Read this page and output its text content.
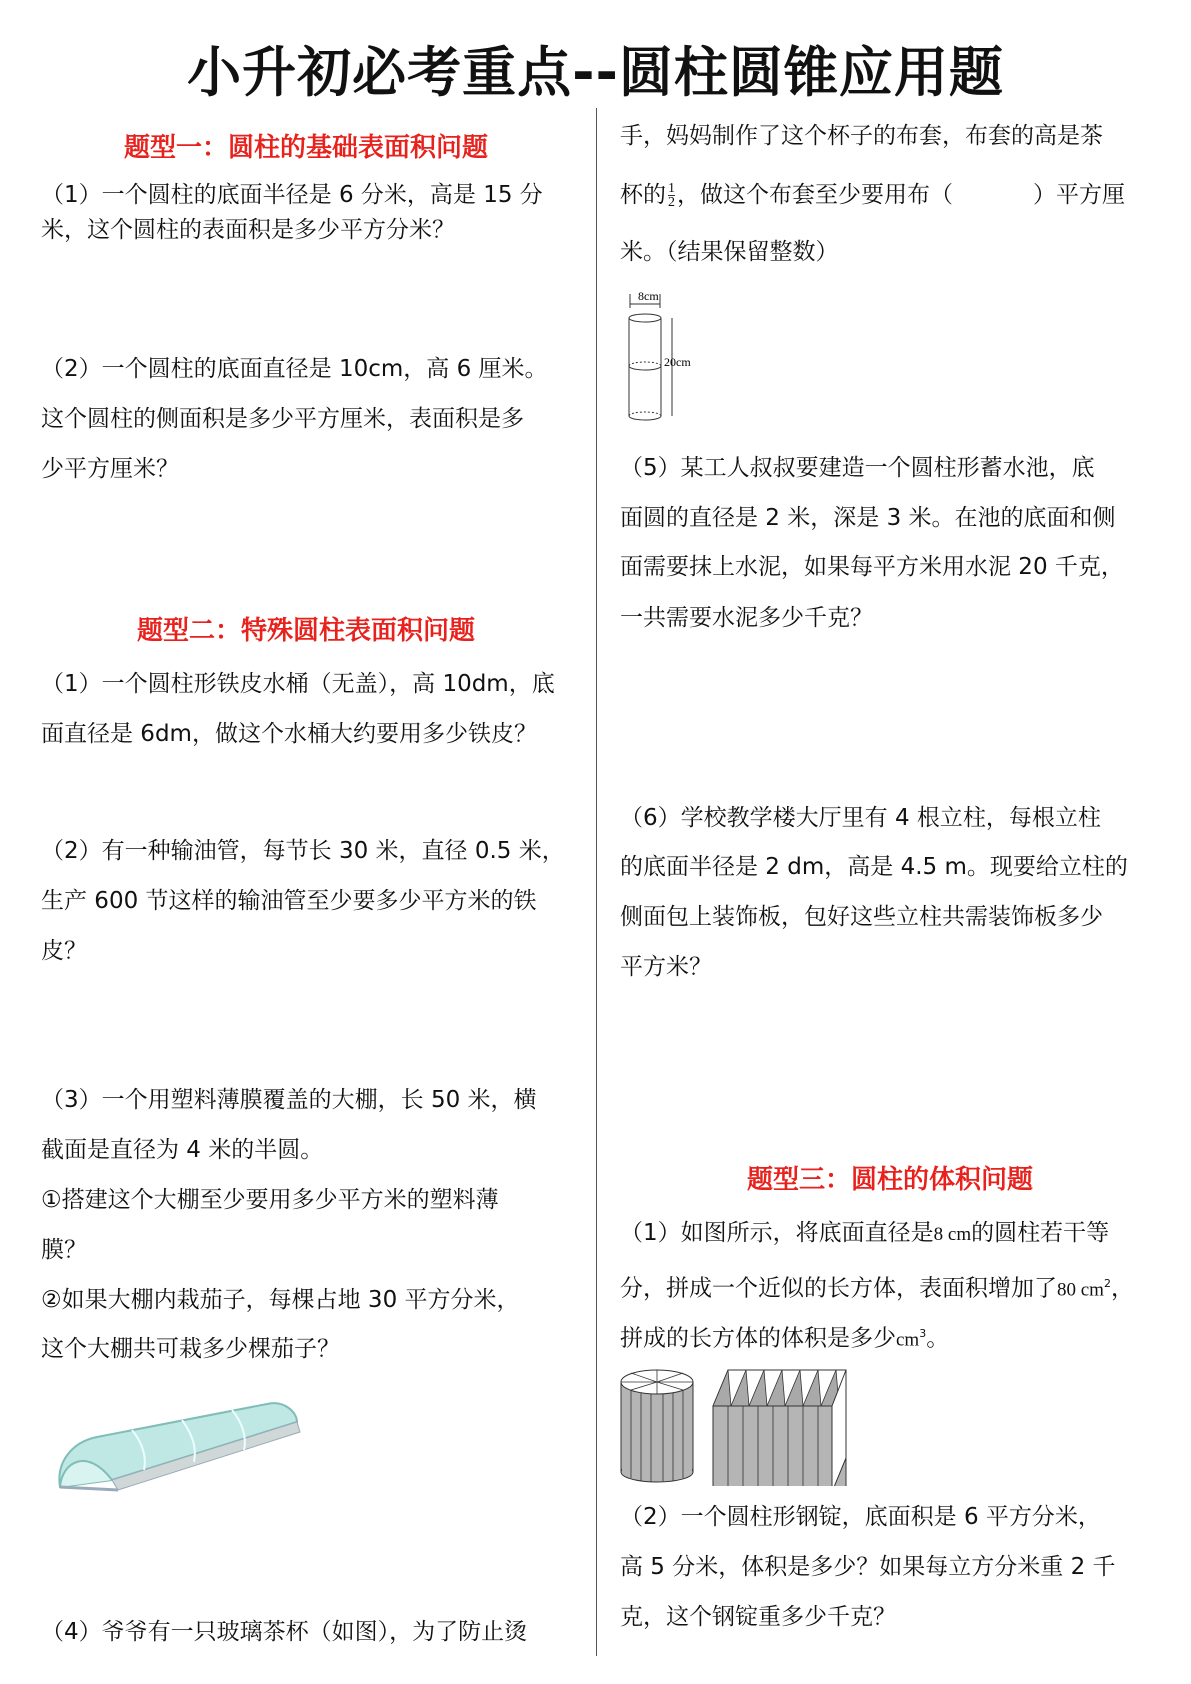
小升初必考重点--圆柱圆锥应用题
题型一：圆柱的基础表面积问题
（1）一个圆柱的底面半径是 6 分米，高是 15 分
米，这个圆柱的表面积是多少平方分米？
（2）一个圆柱的底面直径是 10cm，高 6 厘米。
这个圆柱的侧面积是多少平方厘米，表面积是多
少平方厘米？
题型二：特殊圆柱表面积问题
（1）一个圆柱形铁皮水桶（无盖），高 10dm，底
面直径是 6dm，做这个水桶大约要用多少铁皮？
（2）有一种输油管，每节长 30 米，直径 0.5 米，
生产 600 节这样的输油管至少要多少平方米的铁
皮？
（3）一个用塑料薄膜覆盖的大棚，长 50 米，横
截面是直径为 4 米的半圆。
①搭建这个大棚至少要用多少平方米的塑料薄
膜？
②如果大棚内栽茄子，每棵占地 30 平方分米，
这个大棚共可栽多少棵茄子？
（4）爷爷有一只玻璃茶杯（如图），为了防止烫
手，妈妈制作了这个杯子的布套，布套的高是茶
杯的 $\frac{1}{2}$ ，做这个布套至少要用布（	）平方厘
米。（结果保留整数）
8cm
20cm
（5）某工人叔叔要建造一个圆柱形蓄水池，底
面圆的直径是 2 米，深是 3 米。在池的底面和侧
面需要抹上水泥，如果每平方米用水泥 20 千克，
一共需要水泥多少千克？
（6）学校教学楼大厅里有 4 根立柱，每根立柱
的底面半径是 2 dm，高是 4.5 m。现要给立柱的
侧面包上装饰板，包好这些立柱共需装饰板多少
平方米？
题型三：圆柱的体积问题
（1）如图所示，将底面直径是8 cm的圆柱若干等
分，拼成一个近似的长方体，表面积增加了80 $cm^2$，
拼成的长方体的体积是多少$cm^3$。
（2）一个圆柱形钢锭，底面积是 6 平方分米，
高 5 分米，体积是多少？如果每立方分米重 2 千
克，这个钢锭重多少千克？
